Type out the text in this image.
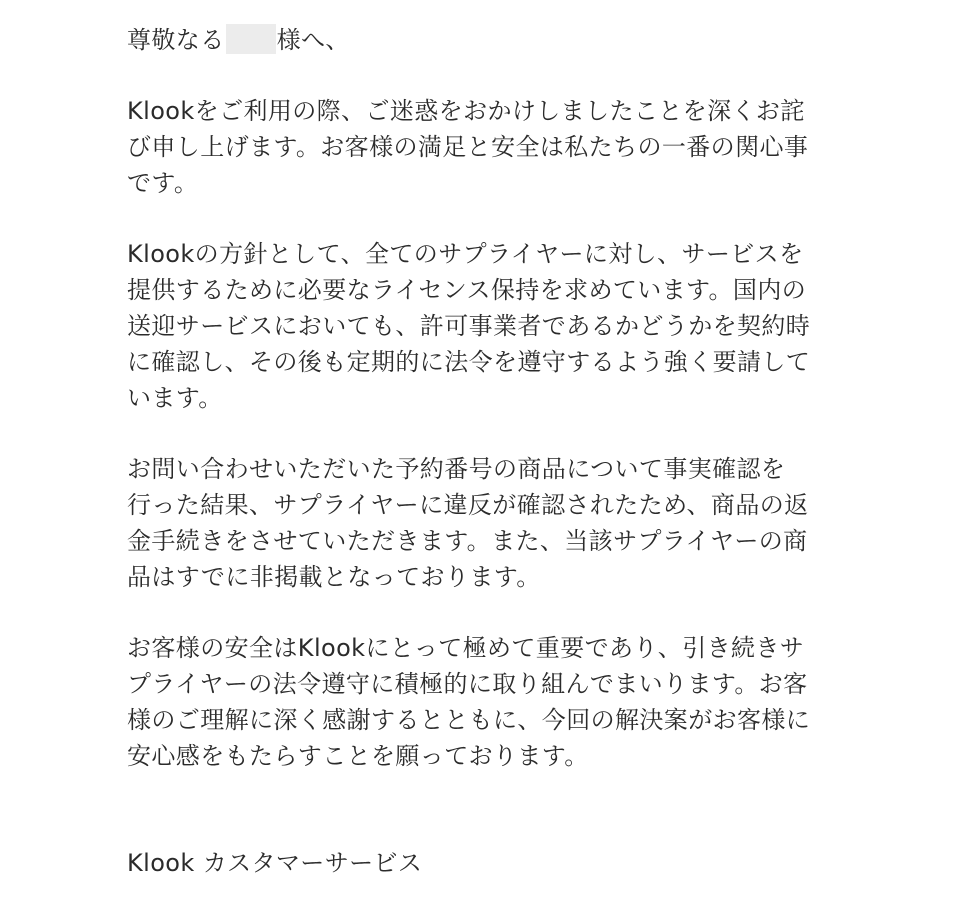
尊敬なる 様へ、
Klookをご利用の際、ご迷惑をおかけしましたことを深くお詫
び申し上げます。お客様の満足と安全は私たちの一番の関心事
です。
Klookの方針として、全てのサプライヤーに対し、サービスを
提供するために必要なライセンス保持を求めています。国内の
送迎サービスにおいても、許可事業者であるかどうかを契約時
に確認し、その後も定期的に法令を遵守するよう強く要請して
います。
お問い合わせいただいた予約番号の商品について事実確認を
行った結果、サプライヤーに違反が確認されたため、商品の返
金手続きをさせていただきます。また、当該サプライヤーの商
品はすでに非掲載となっております。
お客様の安全はKlookにとって極めて重要であり、引き続きサ
プライヤーの法令遵守に積極的に取り組んでまいります。お客
様のご理解に深く感謝するとともに、今回の解決案がお客様に
安心感をもたらすことを願っております。
Klook カスタマーサービス
